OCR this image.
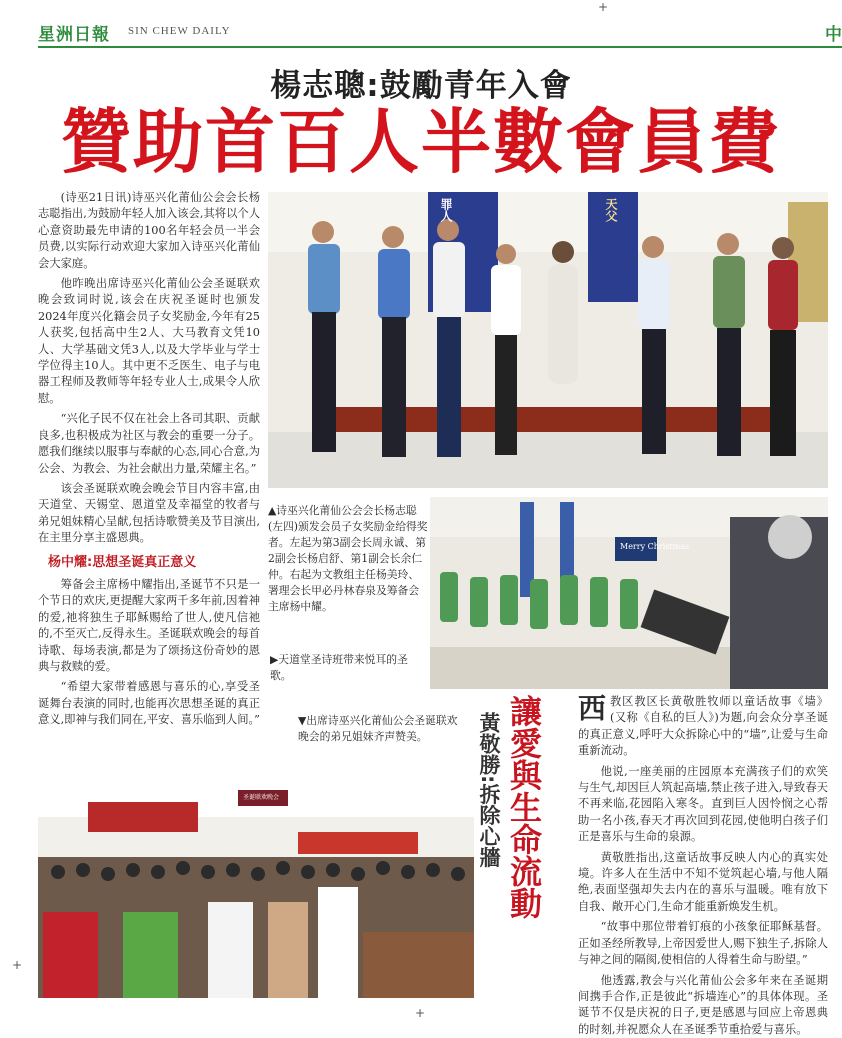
星洲日報 SIN CHEW DAILY	中
+
+
+
楊志聰:鼓勵青年入會
贊助首百人半數會員費

(诗巫21日讯)诗巫兴化莆仙公会会长杨志聪指出,为鼓励年轻人加入该会,其将以个人心意资助最先申请的100名年轻会员一半会员费,以实际行动欢迎大家加入诗巫兴化莆仙会大家庭。

他昨晚出席诗巫兴化莆仙公会圣诞联欢晚会致词时说,该会在庆祝圣诞时也颁发2024年度兴化籍会员子女奖励金,今年有25人获奖,包括高中生2人、大马教育文凭10人、大学基础文凭3人,以及大学毕业与学士学位得主10人。其中更不乏医生、电子与电器工程师及教师等年轻专业人士,成果令人欣慰。

“兴化子民不仅在社会上各司其职、贡献良多,也积极成为社区与教会的重要一分子。愿我们继续以服事与奉献的心态,同心合意,为公会、为教会、为社会献出力量,荣耀主名。”

该会圣诞联欢晚会晚会节目内容丰富,由天道堂、天锡堂、恩道堂及幸福堂的牧者与弟兄姐妹精心呈献,包括诗歌赞美及节目演出,在主里分享主盛恩典。

杨中耀:思想圣诞真正意义

筹备会主席杨中耀指出,圣诞节不只是一个节日的欢庆,更提醒大家两千多年前,因着神的爱,祂将独生子耶稣赐给了世人,使凡信祂的,不至灭亡,反得永生。圣诞联欢晚会的每首诗歌、每场表演,都是为了颂扬这份奇妙的恩典与救赎的爱。

“希望大家带着感恩与喜乐的心,享受圣诞舞台表演的同时,也能再次思想圣诞的真正意义,即神与我们同在,平安、喜乐临到人间。”

罪人	天父
▲诗巫兴化莆仙公会会长杨志聪(左四)颁发会员子女奖励金给得奖者。左起为第3副会长周永诚、第2副会长杨启舒、第1副会长余仁仲。右起为文教组主任杨美玲、署理会长甲必丹林春泉及筹备会主席杨中耀。
▶天道堂圣诗班带来悦耳的圣歌。
Merry Christmas
▼出席诗巫兴化莆仙公会圣诞联欢晚会的弟兄姐妹齐声赞美。
圣诞联欢晚会	讓愛與生命流動
黃敬勝:拆除心牆

西教区教区长黄敬胜牧师以童话故事《墙》(又称《自私的巨人》)为题,向会众分享圣诞的真正意义,呼吁大众拆除心中的“墙”,让爱与生命重新流动。

他说,一座美丽的庄园原本充满孩子们的欢笑与生气,却因巨人筑起高墙,禁止孩子进入,导致春天不再来临,花园陷入寒冬。直到巨人因怜悯之心帮助一名小孩,春天才再次回到花园,使他明白孩子们正是喜乐与生命的泉源。

黄敬胜指出,这童话故事反映人内心的真实处境。许多人在生活中不知不觉筑起心墙,与他人隔绝,表面坚强却失去内在的喜乐与温暖。唯有放下自我、敞开心门,生命才能重新焕发生机。

“故事中那位带着钉痕的小孩象征耶稣基督。正如圣经所教导,上帝因爱世人,赐下独生子,拆除人与神之间的隔阂,使相信的人得着生命与盼望。”

他透露,教会与兴化莆仙公会多年来在圣诞期间携手合作,正是彼此“拆墙连心”的具体体现。圣诞节不仅是庆祝的日子,更是感恩与回应上帝恩典的时刻,并祝愿众人在圣诞季节重拾爱与喜乐。
